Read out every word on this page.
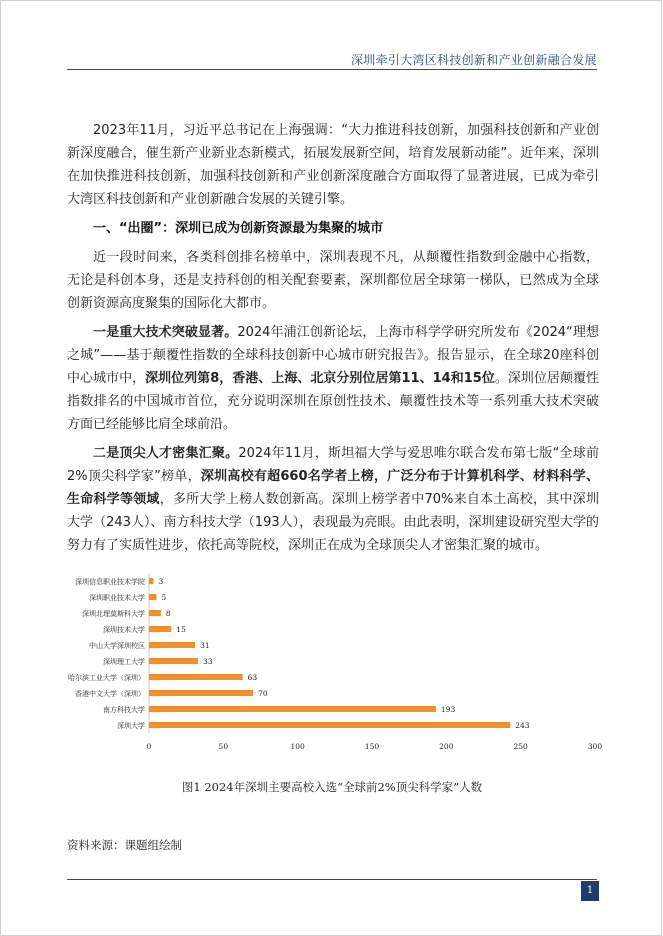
深圳牵引大湾区科技创新和产业创新融合发展

2023年11月，习近平总书记在上海强调：“大力推进科技创新，加强科技创新和产业创新深度融合，催生新产业新业态新模式，拓展发展新空间，培育发展新动能”。近年来，深圳在加快推进科技创新，加强科技创新和产业创新深度融合方面取得了显著进展，已成为牵引大湾区科技创新和产业创新融合发展的关键引擎。

一、“出圈”：深圳已成为创新资源最为集聚的城市

近一段时间来，各类科创排名榜单中，深圳表现不凡，从颠覆性指数到金融中心指数，无论是科创本身，还是支持科创的相关配套要素，深圳都位居全球第一梯队，已然成为全球创新资源高度聚集的国际化大都市。

一是重大技术突破显著。2024年浦江创新论坛，上海市科学学研究所发布《2024“理想之城”——基于颠覆性指数的全球科技创新中心城市研究报告》。报告显示，在全球20座科创中心城市中，深圳位列第8，香港、上海、北京分别位居第11、14和15位。深圳位居颠覆性指数排名的中国城市首位，充分说明深圳在原创性技术、颠覆性技术等一系列重大技术突破方面已经能够比肩全球前沿。

二是顶尖人才密集汇聚。2024年11月，斯坦福大学与爱思唯尔联合发布第七版“全球前2%顶尖科学家”榜单，深圳高校有超660名学者上榜，广泛分布于计算机科学、材料科学、生命科学等领域，多所大学上榜人数创新高。深圳上榜学者中70%来自本土高校，其中深圳大学（243人）、南方科技大学（193人），表现最为亮眼。由此表明，深圳建设研究型大学的努力有了实质性进步，依托高等院校，深圳正在成为全球顶尖人才密集汇聚的城市。

深圳信息职业技术学院 3
深圳职业技术大学 5
深圳北理莫斯科大学	8
深圳技术大学	15
中山大学深圳校区	31
深圳理工大学	33
哈尔滨工业大学（深圳）	63
香港中文大学（深圳）	70
南方科技大学	193
深圳大学	243
0	50	100	150	200	250	300
图1 2024年深圳主要高校入选“全球前2%顶尖科学家”人数
资料来源：课题组绘制
1
